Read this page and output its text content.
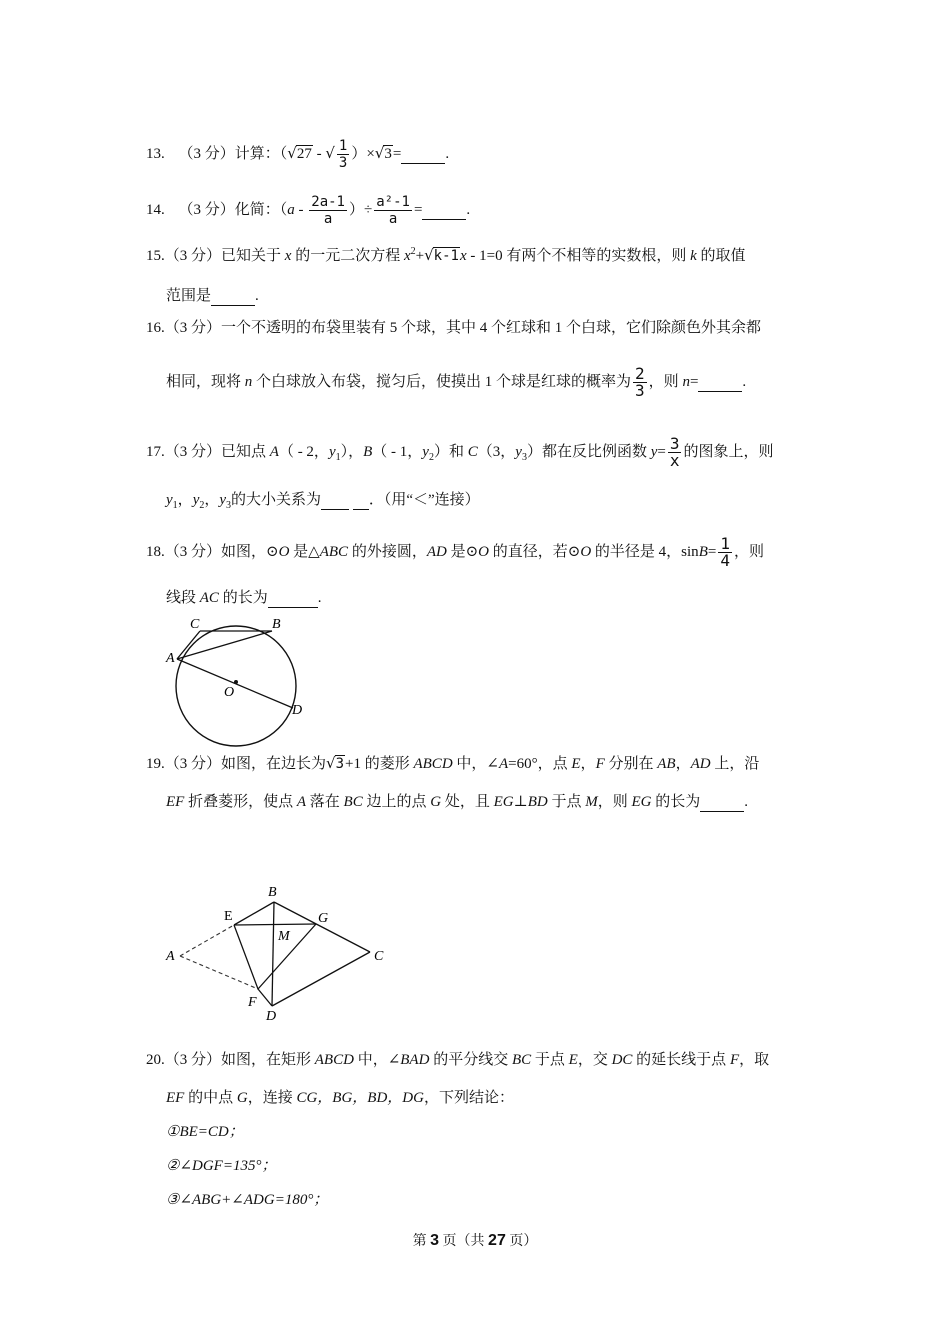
13. （3 分）计算：（√27 - √ $\frac{1}{3} )\times√3=$	.
14. （3 分）化简：（$a - \frac{2a-1}{a}$ ）÷ $\frac{\text{a²-1}}{a}$ =	.
15.（3 分）已知关于 x 的一元二次方程 $x^2+√k-1x - 1=0$ 有两个不相等的实数根，则 k 的取值
范围是	.
16.（3 分）一个不透明的布袋里装有 5 个球，其中 4 个红球和 1 个白球，它们除颜色外其余都
相同，现将 n 个白球放入布袋，搅匀后，使摸出 1 个球是红球的概率为 $\frac{2}{3}$ ，则 n=	.
17.（3 分）已知点 A（ - 2，$y_1$），B（ - 1，$y_2$）和 C（3，$y_3$）都在反比例函数 $y= \frac{3}{x}$ 的图象上，则
$y_1$，$y_2$，$y_3$的大小关系为	．（用“＜”连接）
18.（3 分）如图，⊙O 是△ABC 的外接圆，AD 是⊙O 的直径，若⊙O 的半径是 4，$\sin B= \frac{1}{4}$ ，则
线段 AC 的长为	.
A
B
C
D
O
19.（3 分）如图，在边长为√3+1 的菱形 ABCD 中，∠A=60°，点 E，F 分别在 AB，AD 上，沿
EF 折叠菱形，使点 A 落在 BC 边上的点 G 处，且 EG⊥BD 于点 M，则 EG 的长为	.
A
B
C
D
E
F
G
M
20.（3 分）如图，在矩形 ABCD 中，∠BAD 的平分线交 BC 于点 E，交 DC 的延长线于点 F，取
EF 的中点 G，连接 CG，BG，BD，DG，下列结论：
①BE=CD；
②∠DGF=135°；
③∠ABG+∠ADG=180°；
第 3 页（共 27 页）
